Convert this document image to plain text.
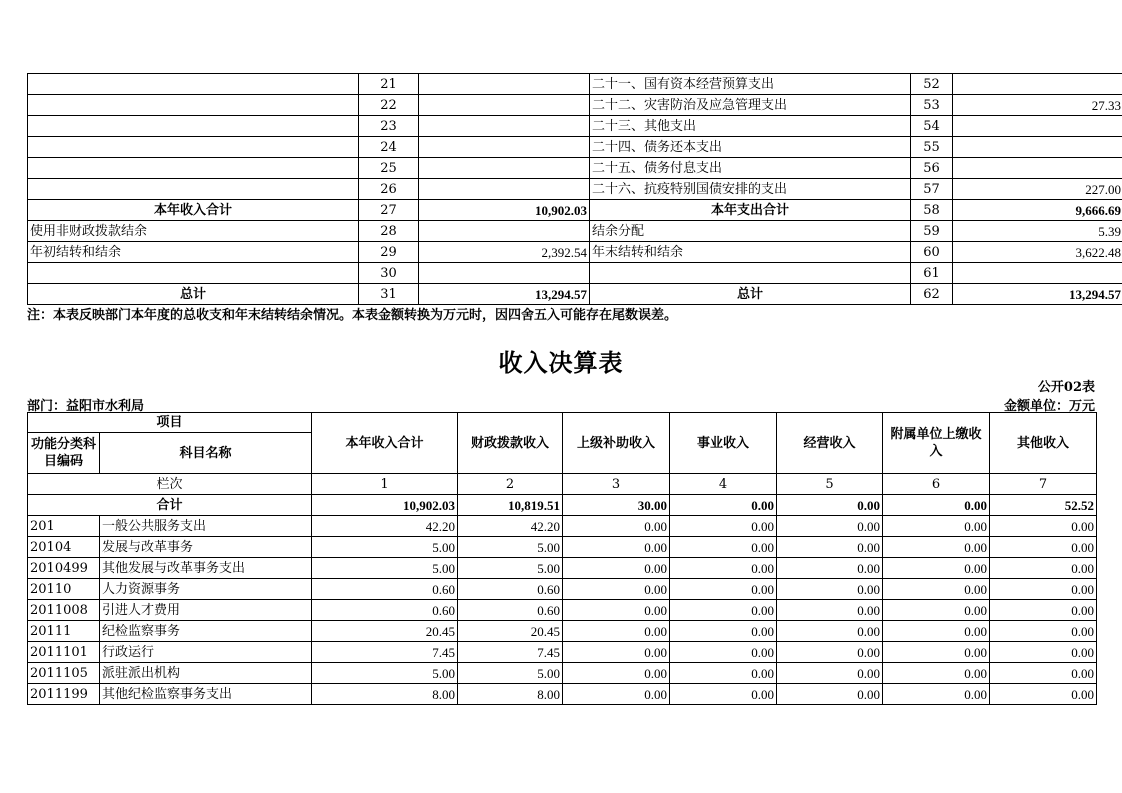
	21		二十一、国有资本经营预算支出	52	
	22		二十二、灾害防治及应急管理支出	53	27.33
	23		二十三、其他支出	54	
	24		二十四、债务还本支出	55	
	25		二十五、债务付息支出	56	
	26		二十六、抗疫特别国债安排的支出	57	227.00
本年收入合计	27	10,902.03	本年支出合计	58	9,666.69
使用非财政拨款结余	28		结余分配	59	5.39
年初结转和结余	29	2,392.54	年末结转和结余	60	3,622.48
	30			61	
总计	31	13,294.57	总计	62	13,294.57
注：本表反映部门本年度的总收支和年末结转结余情况。本表金额转换为万元时，因四舍五入可能存在尾数误差。
收入决算表
公开02表
部门：益阳市水利局	金额单位：万元
项目		本年收入合计	财政拨款收入	上级补助收入	事业收入	经营收入	附属单位上缴收入	其他收入
功能分类科目编码	科目名称							
栏次		1	2	3	4	5	6	7
合计		10,902.03	10,819.51	30.00	0.00	0.00	0.00	52.52
201	一般公共服务支出	42.20	42.20	0.00	0.00	0.00	0.00	0.00
20104	发展与改革事务	5.00	5.00	0.00	0.00	0.00	0.00	0.00
2010499	其他发展与改革事务支出	5.00	5.00	0.00	0.00	0.00	0.00	0.00
20110	人力资源事务	0.60	0.60	0.00	0.00	0.00	0.00	0.00
2011008	引进人才费用	0.60	0.60	0.00	0.00	0.00	0.00	0.00
20111	纪检监察事务	20.45	20.45	0.00	0.00	0.00	0.00	0.00
2011101	行政运行	7.45	7.45	0.00	0.00	0.00	0.00	0.00
2011105	派驻派出机构	5.00	5.00	0.00	0.00	0.00	0.00	0.00
2011199	其他纪检监察事务支出	8.00	8.00	0.00	0.00	0.00	0.00	0.00
